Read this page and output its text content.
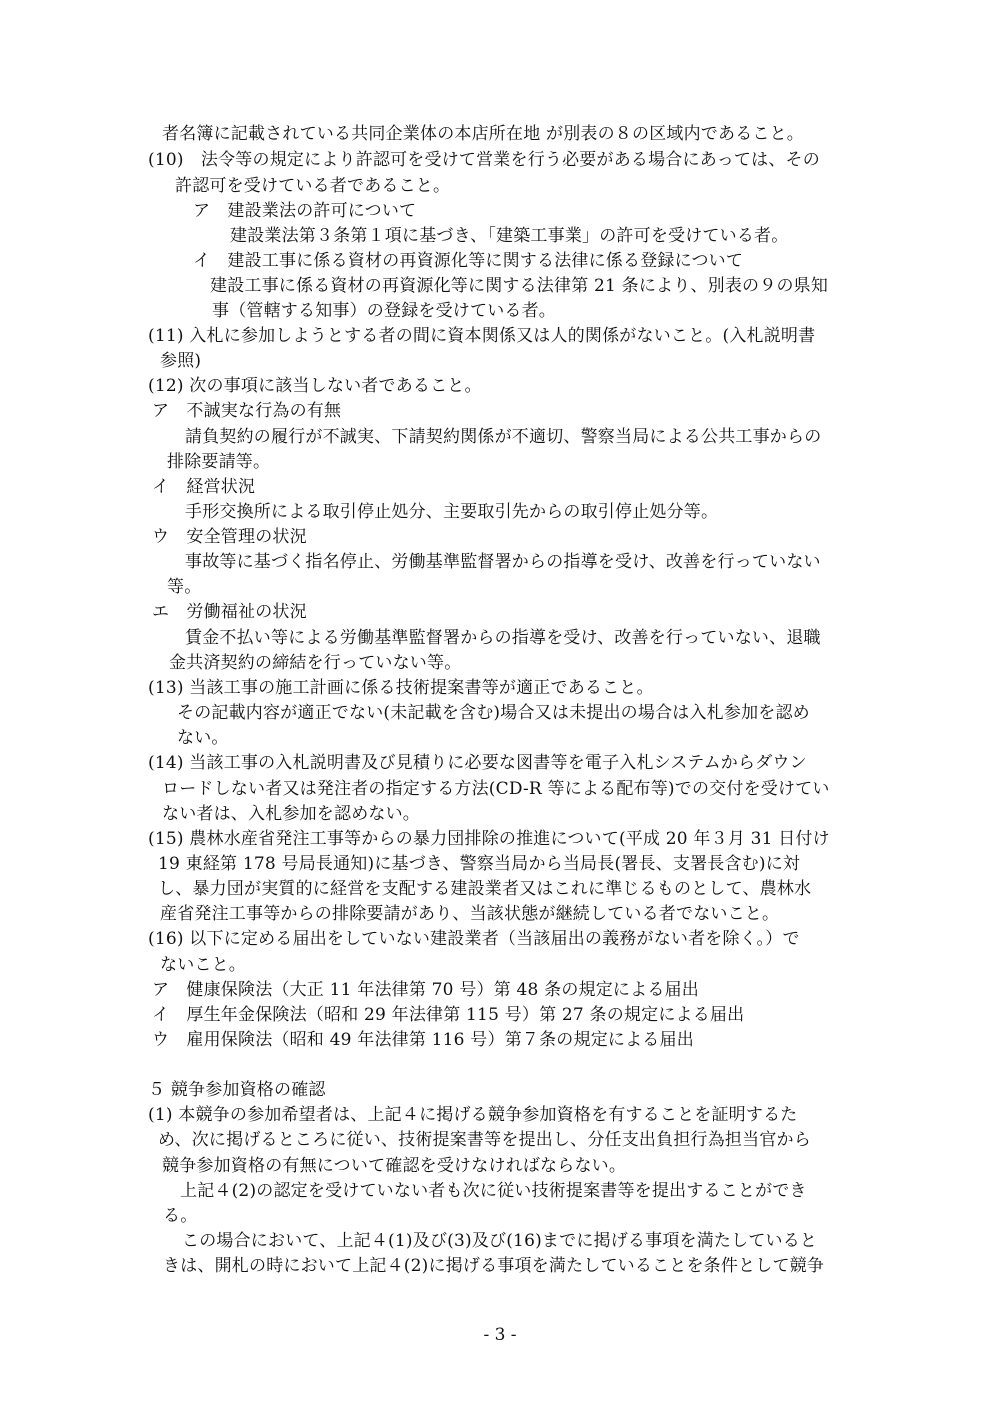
者名簿に記載されている共同企業体の本店所在地 が別表の８の区域内であること。
(10)　法令等の規定により許認可を受けて営業を行う必要がある場合にあっては、その
許認可を受けている者であること。
ア　建設業法の許可について
建設業法第３条第１項に基づき、「建築工事業」の許可を受けている者。
イ　建設工事に係る資材の再資源化等に関する法律に係る登録について
建設工事に係る資材の再資源化等に関する法律第 21 条により、別表の９の県知
事（管轄する知事）の登録を受けている者。
(11) 入札に参加しようとする者の間に資本関係又は人的関係がないこと。(入札説明書
参照)
(12) 次の事項に該当しない者であること。
ア　不誠実な行為の有無
請負契約の履行が不誠実、下請契約関係が不適切、警察当局による公共工事からの
排除要請等。
イ　経営状況
手形交換所による取引停止処分、主要取引先からの取引停止処分等。
ウ　安全管理の状況
事故等に基づく指名停止、労働基準監督署からの指導を受け、改善を行っていない
等。
エ　労働福祉の状況
賃金不払い等による労働基準監督署からの指導を受け、改善を行っていない、退職
金共済契約の締結を行っていない等。
(13) 当該工事の施工計画に係る技術提案書等が適正であること。
その記載内容が適正でない(未記載を含む)場合又は未提出の場合は入札参加を認め
ない。
(14) 当該工事の入札説明書及び見積りに必要な図書等を電子入札システムからダウン
ロードしない者又は発注者の指定する方法(CD-R 等による配布等)での交付を受けてい
ない者は、入札参加を認めない。
(15) 農林水産省発注工事等からの暴力団排除の推進について(平成 20 年３月 31 日付け
19 東経第 178 号局長通知)に基づき、警察当局から当局長(署長、支署長含む)に対
し、暴力団が実質的に経営を支配する建設業者又はこれに準じるものとして、農林水
産省発注工事等からの排除要請があり、当該状態が継続している者でないこと。
(16) 以下に定める届出をしていない建設業者（当該届出の義務がない者を除く。）で
ないこと。
ア　健康保険法（大正 11 年法律第 70 号）第 48 条の規定による届出
イ　厚生年金保険法（昭和 29 年法律第 115 号）第 27 条の規定による届出
ウ　雇用保険法（昭和 49 年法律第 116 号）第７条の規定による届出
５ 競争参加資格の確認
(1) 本競争の参加希望者は、上記４に掲げる競争参加資格を有することを証明するた
め、次に掲げるところに従い、技術提案書等を提出し、分任支出負担行為担当官から
競争参加資格の有無について確認を受けなければならない。
上記４(2)の認定を受けていない者も次に従い技術提案書等を提出することができ
る。
この場合において、上記４(1)及び(3)及び(16)までに掲げる事項を満たしていると
きは、開札の時において上記４(2)に掲げる事項を満たしていることを条件として競争
- 3 -
